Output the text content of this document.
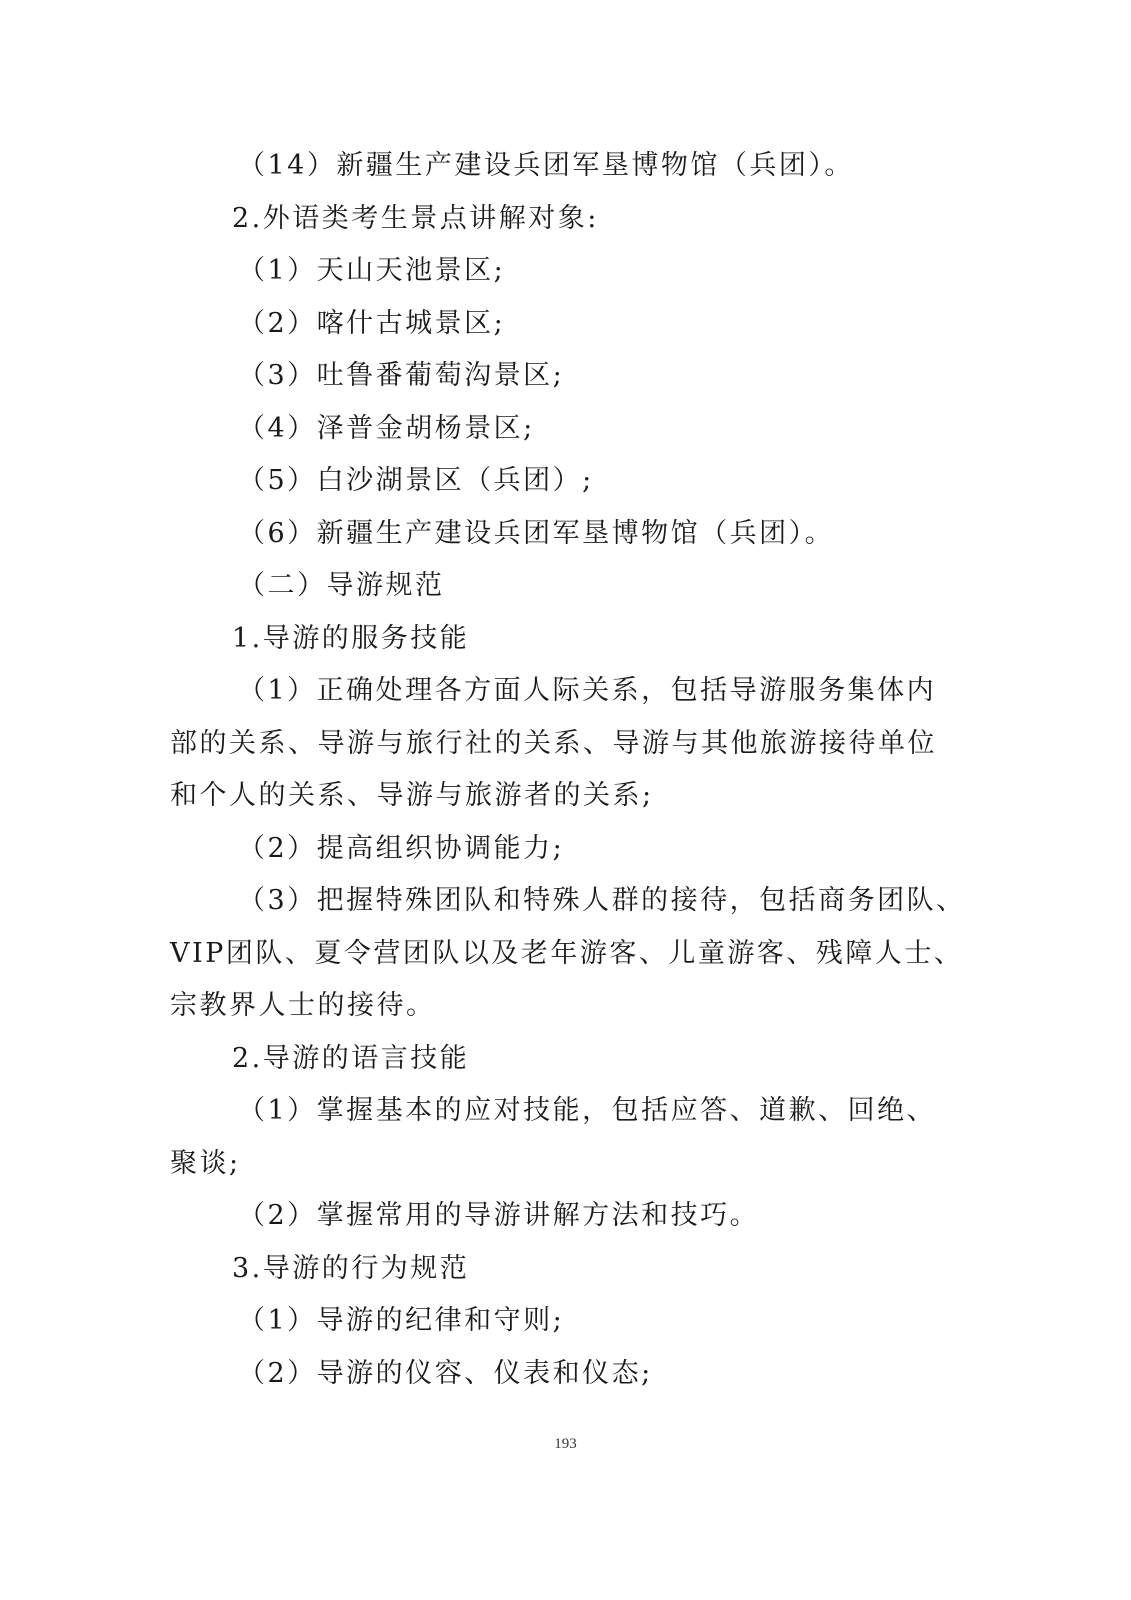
（14）新疆生产建设兵团军垦博物馆（兵团）。
2.外语类考生景点讲解对象:
（1）天山天池景区;
（2）喀什古城景区;
（3）吐鲁番葡萄沟景区;
（4）泽普金胡杨景区;
（5）白沙湖景区（兵团）;
（6）新疆生产建设兵团军垦博物馆（兵团）。
（二）导游规范
1.导游的服务技能
（1）正确处理各方面人际关系，包括导游服务集体内
部的关系、导游与旅行社的关系、导游与其他旅游接待单位
和个人的关系、导游与旅游者的关系;
（2）提高组织协调能力;
（3）把握特殊团队和特殊人群的接待，包括商务团队、
VIP团队、夏令营团队以及老年游客、儿童游客、残障人士、
宗教界人士的接待。
2.导游的语言技能
（1）掌握基本的应对技能，包括应答、道歉、回绝、
聚谈;
（2）掌握常用的导游讲解方法和技巧。
3.导游的行为规范
（1）导游的纪律和守则;
（2）导游的仪容、仪表和仪态;
193
